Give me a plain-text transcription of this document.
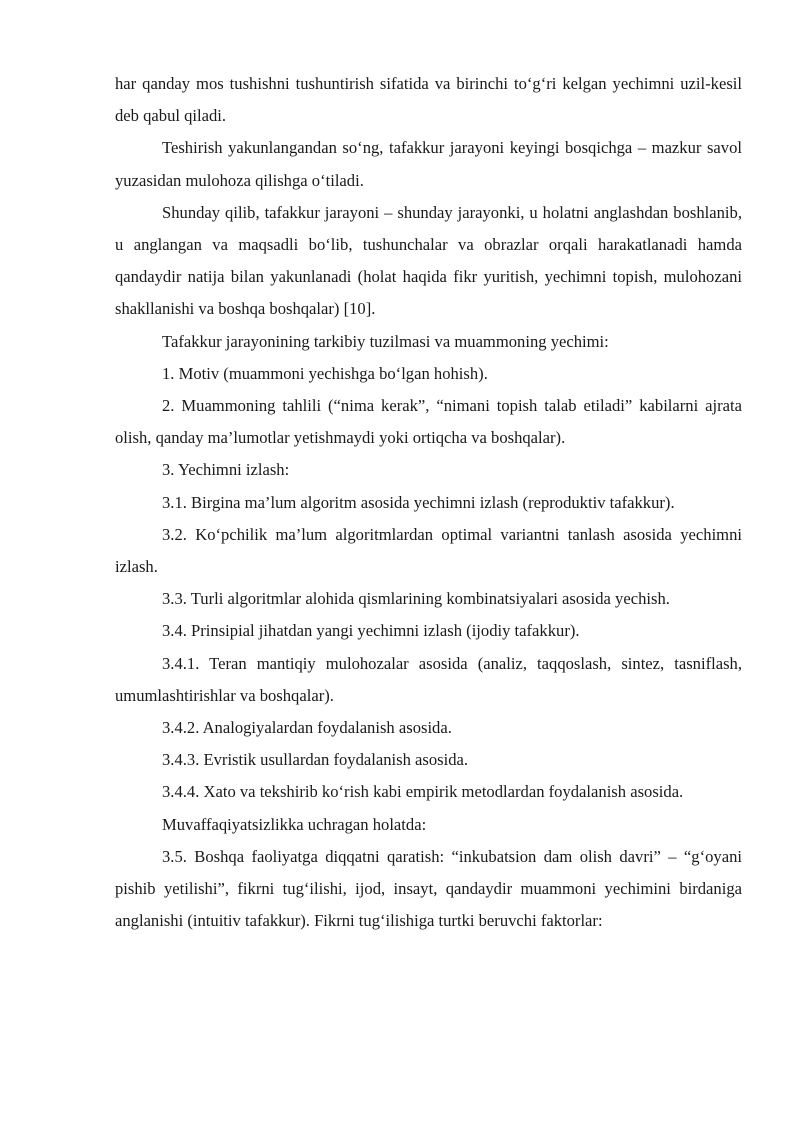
har qanday mos tushishni tushuntirish sifatida va birinchi to‘g‘ri kelgan yechimni uzil-kesil deb qabul qiladi.

Teshirish yakunlangandan so‘ng, tafakkur jarayoni keyingi bosqichga – mazkur savol yuzasidan mulohoza qilishga o‘tiladi.

Shunday qilib, tafakkur jarayoni – shunday jarayonki, u holatni anglashdan boshlanib, u anglangan va maqsadli bo‘lib, tushunchalar va obrazlar orqali harakatlanadi hamda qandaydir natija bilan yakunlanadi (holat haqida fikr yuritish, yechimni topish, mulohozani shakllanishi va boshqa boshqalar) [10].

Tafakkur jarayonining tarkibiy tuzilmasi va muammoning yechimi:

1. Motiv (muammoni yechishga bo‘lgan hohish).

2. Muammoning tahlili (“nima kerak”, “nimani topish talab etiladi” kabilarni ajrata olish, qanday ma’lumotlar yetishmaydi yoki ortiqcha va boshqalar).

3. Yechimni izlash:

3.1. Birgina ma’lum algoritm asosida yechimni izlash (reproduktiv tafakkur).

3.2. Ko‘pchilik ma’lum algoritmlardan optimal variantni tanlash asosida yechimni izlash.

3.3. Turli algoritmlar alohida qismlarining kombinatsiyalari asosida yechish.

3.4. Prinsipial jihatdan yangi yechimni izlash (ijodiy tafakkur).

3.4.1. Teran mantiqiy mulohozalar asosida (analiz, taqqoslash, sintez, tasniflash, umumlashtirishlar va boshqalar).

3.4.2. Analogiyalardan foydalanish asosida.

3.4.3. Evristik usullardan foydalanish asosida.

3.4.4. Xato va tekshirib ko‘rish kabi empirik metodlardan foydalanish asosida.

Muvaffaqiyatsizlikka uchragan holatda:

3.5. Boshqa faoliyatga diqqatni qaratish: “inkubatsion dam olish davri” – “g‘oyani pishib yetilishi”, fikrni tug‘ilishi, ijod, insayt, qandaydir muammoni yechimini birdaniga anglanishi (intuitiv tafakkur). Fikrni tug‘ilishiga turtki beruvchi faktorlar:
